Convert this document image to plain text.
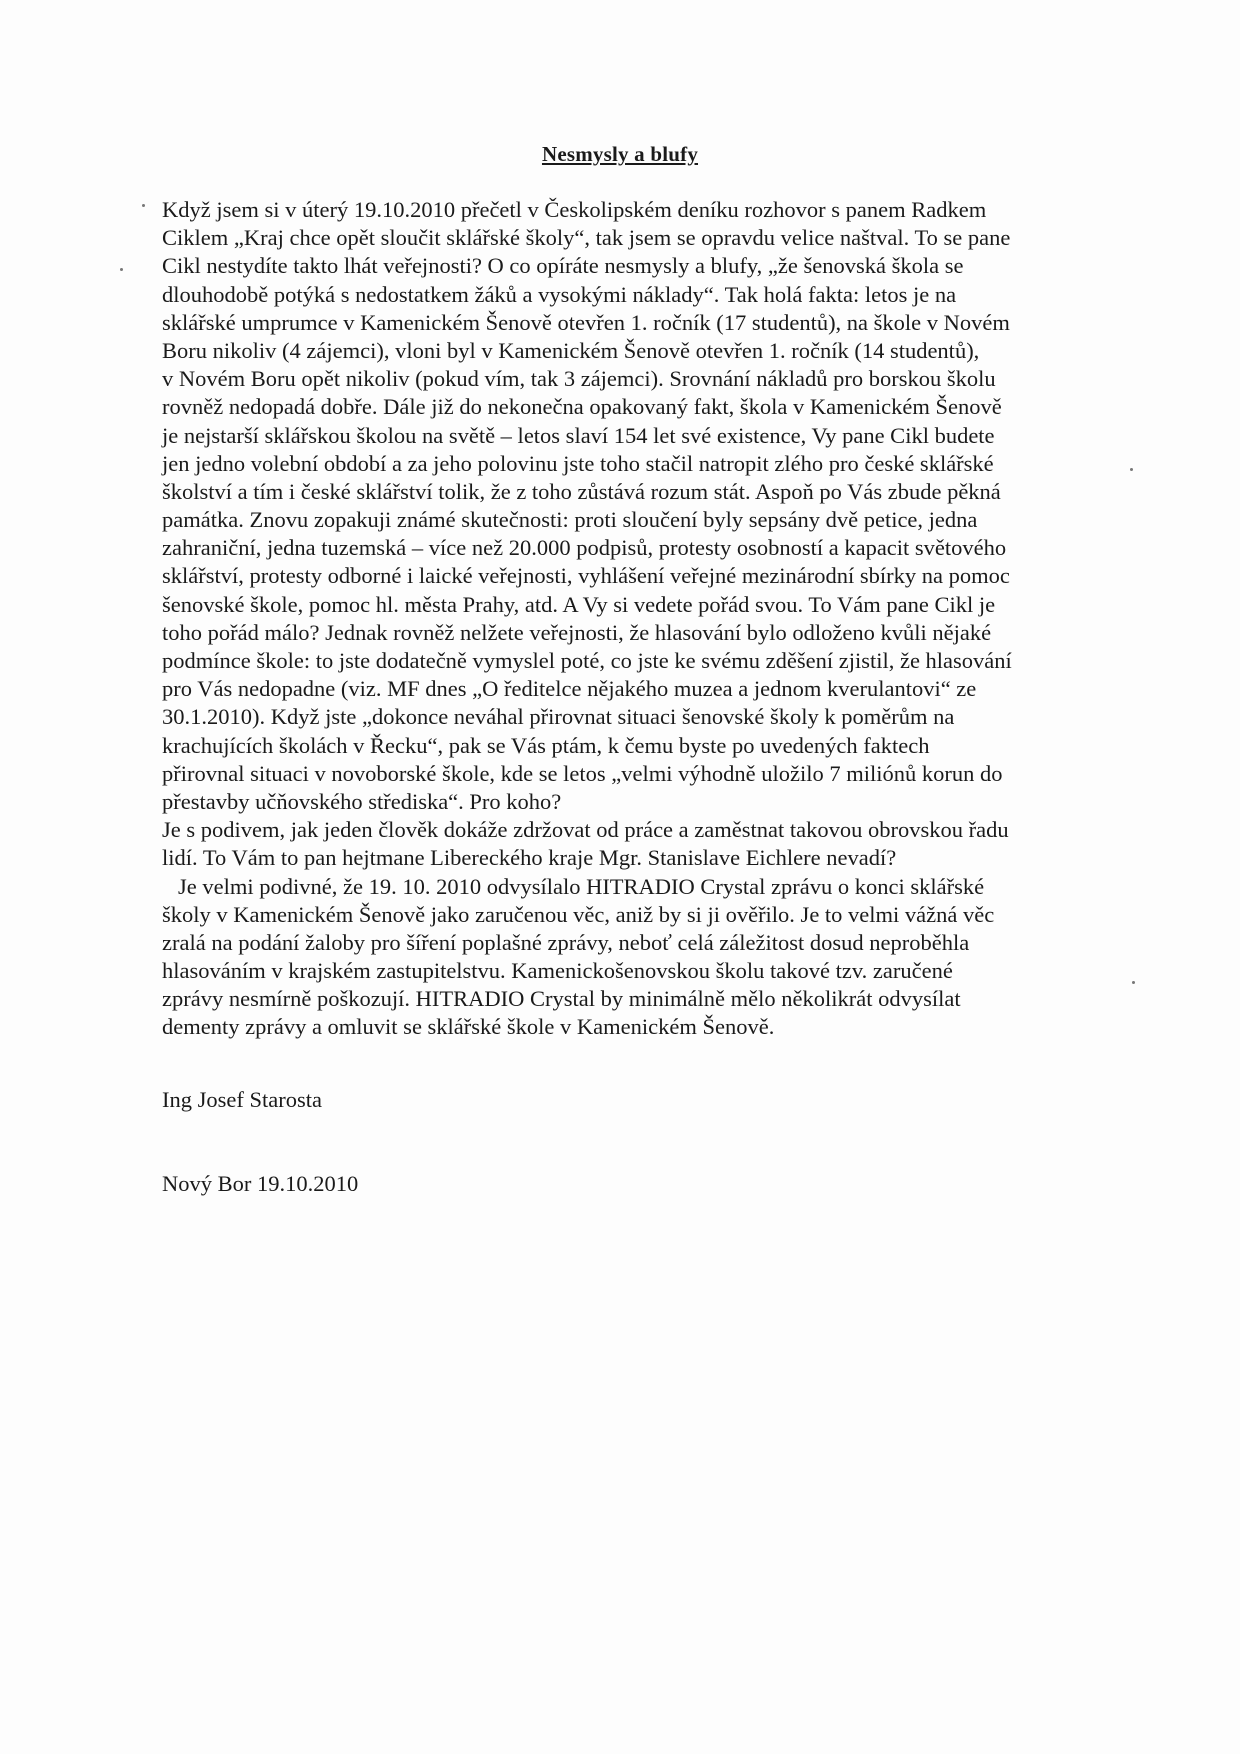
Nesmysly a blufy
Když jsem si v úterý 19.10.2010 přečetl v Českolipském deníku rozhovor s panem Radkem
Ciklem „Kraj chce opět sloučit sklářské školy“, tak jsem se opravdu velice naštval. To se pane
Cikl nestydíte takto lhát veřejnosti? O co opíráte nesmysly a blufy, „že šenovská škola se
dlouhodobě potýká s nedostatkem žáků a vysokými náklady“. Tak holá fakta: letos je na
sklářské umprumce v Kamenickém Šenově otevřen 1. ročník (17 studentů), na škole v Novém
Boru nikoliv (4 zájemci), vloni byl v Kamenickém Šenově otevřen 1. ročník (14 studentů),
v Novém Boru opět nikoliv (pokud vím, tak 3 zájemci). Srovnání nákladů pro borskou školu
rovněž nedopadá dobře. Dále již do nekonečna opakovaný fakt, škola v Kamenickém Šenově
je nejstarší sklářskou školou na světě – letos slaví 154 let své existence, Vy pane Cikl budete
jen jedno volební období a za jeho polovinu jste toho stačil natropit zlého pro české sklářské
školství a tím i české sklářství tolik, že z toho zůstává rozum stát. Aspoň po Vás zbude pěkná
památka. Znovu zopakuji známé skutečnosti: proti sloučení byly sepsány dvě petice, jedna
zahraniční, jedna tuzemská – více než 20.000 podpisů, protesty osobností a kapacit světového
sklářství, protesty odborné i laické veřejnosti, vyhlášení veřejné mezinárodní sbírky na pomoc
šenovské škole, pomoc hl. města Prahy, atd. A Vy si vedete pořád svou. To Vám pane Cikl je
toho pořád málo? Jednak rovněž nelžete veřejnosti, že hlasování bylo odloženo kvůli nějaké
podmínce škole: to jste dodatečně vymyslel poté, co jste ke svému zděšení zjistil, že hlasování
pro Vás nedopadne (viz. MF dnes „O ředitelce nějakého muzea a jednom kverulantovi“ ze
30.1.2010). Když jste „dokonce neváhal přirovnat situaci šenovské školy k poměrům na
krachujících školách v Řecku“, pak se Vás ptám, k čemu byste po uvedených faktech
přirovnal situaci v novoborské škole, kde se letos „velmi výhodně uložilo 7 miliónů korun do
přestavby učňovského střediska“. Pro koho?
Je s podivem, jak jeden člověk dokáže zdržovat od práce a zaměstnat takovou obrovskou řadu
lidí. To Vám to pan hejtmane Libereckého kraje Mgr. Stanislave Eichlere nevadí?
Je velmi podivné, že 19. 10. 2010 odvysílalo HITRADIO Crystal zprávu o konci sklářské
školy v Kamenickém Šenově jako zaručenou věc, aniž by si ji ověřilo. Je to velmi vážná věc
zralá na podání žaloby pro šíření poplašné zprávy, neboť celá záležitost dosud neproběhla
hlasováním v krajském zastupitelstvu. Kamenickošenovskou školu takové tzv. zaručené
zprávy nesmírně poškozují. HITRADIO Crystal by minimálně mělo několikrát odvysílat
dementy zprávy a omluvit se sklářské škole v Kamenickém Šenově.
Ing Josef Starosta
Nový Bor 19.10.2010
